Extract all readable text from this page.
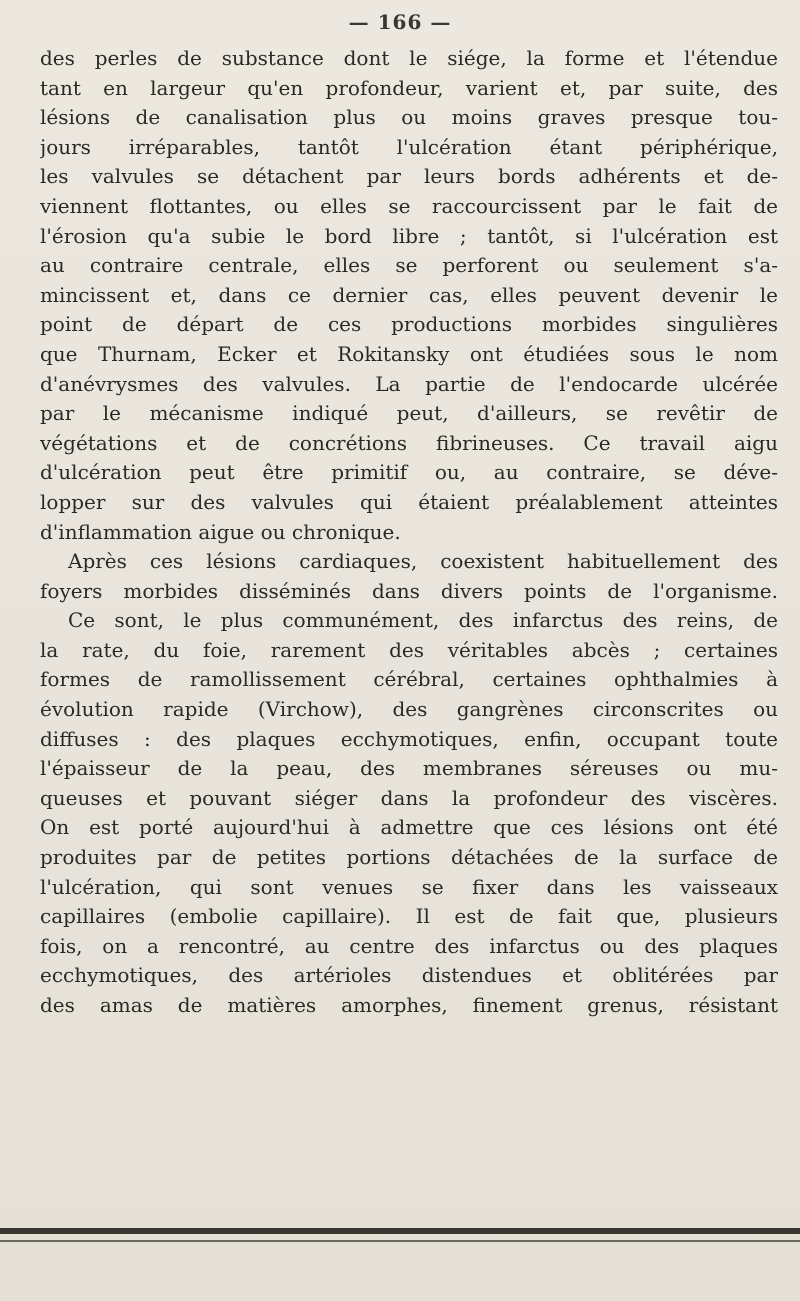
— 166 —
des perles de substance dont le siége, la forme et l'étendue
tant en largeur qu'en profondeur, varient et, par suite, des
lésions de canalisation plus ou moins graves presque tou-
jours irréparables, tantôt l'ulcération étant périphérique,
les valvules se détachent par leurs bords adhérents et de-
viennent flottantes, ou elles se raccourcissent par le fait de
l'érosion qu'a subie le bord libre ; tantôt, si l'ulcération est
au contraire centrale, elles se perforent ou seulement s'a-
mincissent et, dans ce dernier cas, elles peuvent devenir le
point de départ de ces productions morbides singulières
que Thurnam, Ecker et Rokitansky ont étudiées sous le nom
d'anévrysmes des valvules. La partie de l'endocarde ulcérée
par le mécanisme indiqué peut, d'ailleurs, se revêtir de
végétations et de concrétions fibrineuses. Ce travail aigu
d'ulcération peut être primitif ou, au contraire, se déve-
lopper sur des valvules qui étaient préalablement atteintes
d'inflammation aigue ou chronique.
Après ces lésions cardiaques, coexistent habituellement des
foyers morbides disséminés dans divers points de l'organisme.
Ce sont, le plus communément, des infarctus des reins, de
la rate, du foie, rarement des véritables abcès ; certaines
formes de ramollissement cérébral, certaines ophthalmies à
évolution rapide (Virchow), des gangrènes circonscrites ou
diffuses : des plaques ecchymotiques, enfin, occupant toute
l'épaisseur de la peau, des membranes séreuses ou mu-
queuses et pouvant siéger dans la profondeur des viscères.
On est porté aujourd'hui à admettre que ces lésions ont été
produites par de petites portions détachées de la surface de
l'ulcération, qui sont venues se fixer dans les vaisseaux
capillaires (embolie capillaire). Il est de fait que, plusieurs
fois, on a rencontré, au centre des infarctus ou des plaques
ecchymotiques, des artérioles distendues et oblitérées par
des amas de matières amorphes, finement grenus, résistant
